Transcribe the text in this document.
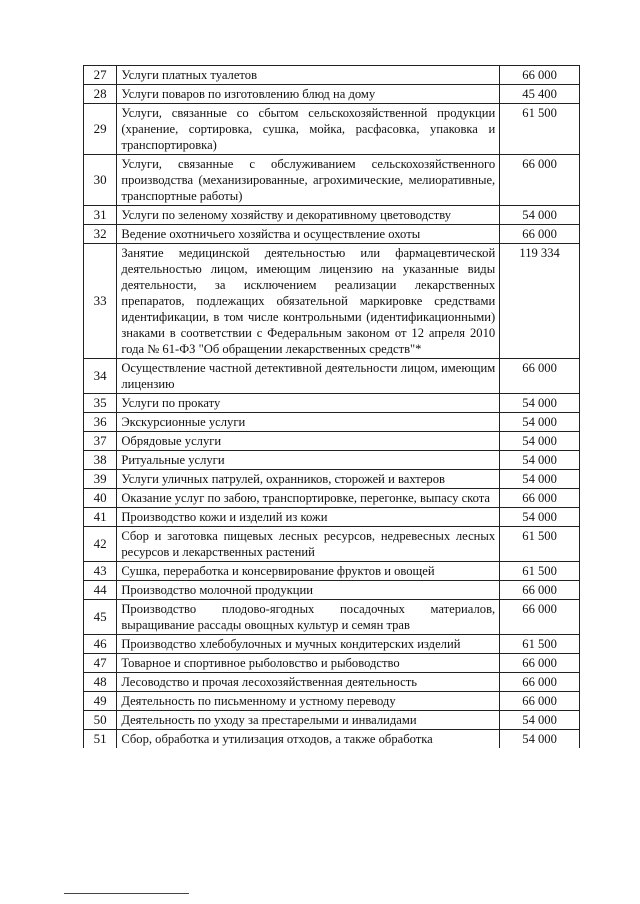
27	Услуги платных туалетов	66 000
28	Услуги поваров по изготовлению блюд на дому	45 400
29	Услуги, связанные со сбытом сельскохозяйственной продукции (хранение, сортировка, сушка, мойка, расфасовка, упаковка и транспортировка)	61 500
30	Услуги, связанные с обслуживанием сельскохозяйственного производства (механизированные, агрохимические, мелиоративные, транспортные работы)	66 000
31	Услуги по зеленому хозяйству и декоративному цветоводству	54 000
32	Ведение охотничьего хозяйства и осуществление охоты	66 000
33	Занятие медицинской деятельностью или фармацевтической деятельностью лицом, имеющим лицензию на указанные виды деятельности, за исключением реализации лекарственных препаратов, подлежащих обязательной маркировке средствами идентификации, в том числе контрольными (идентификационными) знаками в соответствии с Федеральным законом от 12 апреля 2010 года № 61-ФЗ "Об обращении лекарственных средств"*	119 334
34	Осуществление частной детективной деятельности лицом, имеющим лицензию	66 000
35	Услуги по прокату	54 000
36	Экскурсионные услуги	54 000
37	Обрядовые услуги	54 000
38	Ритуальные услуги	54 000
39	Услуги уличных патрулей, охранников, сторожей и вахтеров	54 000
40	Оказание услуг по забою, транспортировке, перегонке, выпасу скота	66 000
41	Производство кожи и изделий из кожи	54 000
42	Сбор и заготовка пищевых лесных ресурсов, недревесных лесных ресурсов и лекарственных растений	61 500
43	Сушка, переработка и консервирование фруктов и овощей	61 500
44	Производство молочной продукции	66 000
45	Производство плодово-ягодных посадочных материалов, выращивание рассады овощных культур и семян трав	66 000
46	Производство хлебобулочных и мучных кондитерских изделий	61 500
47	Товарное и спортивное рыболовство и рыбоводство	66 000
48	Лесоводство и прочая лесохозяйственная деятельность	66 000
49	Деятельность по письменному и устному переводу	66 000
50	Деятельность по уходу за престарелыми и инвалидами	54 000
51	Сбор, обработка и утилизация отходов, а также обработка	54 000
